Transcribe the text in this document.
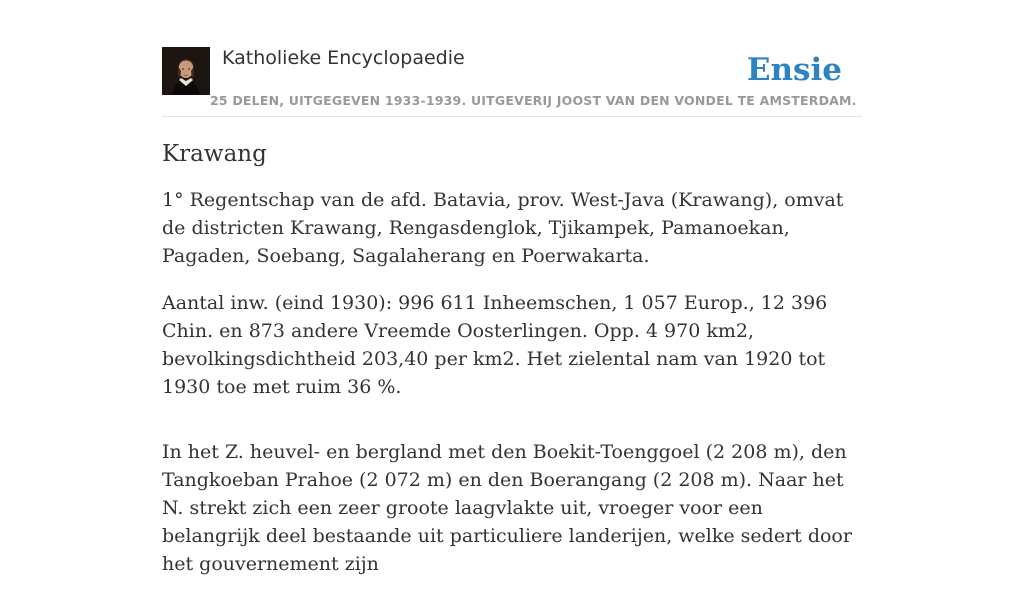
Katholieke Encyclopaedie	Ensie
25 DELEN, UITGEGEVEN 1933-1939. UITGEVERIJ JOOST VAN DEN VONDEL TE AMSTERDAM.
Krawang

1° Regentschap van de afd. Batavia, prov. West-Java (Krawang), omvat de districten Krawang, Rengasdenglok, Tjikampek, Pamanoekan, Pagaden, Soebang, Sagalaherang en Poerwakarta.

Aantal inw. (eind 1930): 996 611 Inheemschen, 1 057 Europ., 12 396 Chin. en 873 andere Vreemde Oosterlingen. Opp. 4 970 km2, bevolkingsdichtheid 203,40 per km2. Het zielental nam van 1920 tot 1930 toe met ruim 36 %.

In het Z. heuvel- en bergland met den Boekit-Toenggoel (2 208 m), den Tangkoeban Prahoe (2 072 m) en den Boerangang (2 208 m). Naar het N. strekt zich een zeer groote laagvlakte uit, vroeger voor een belangrijk deel bestaande uit particuliere landerijen, welke sedert door het gouvernement zijn
